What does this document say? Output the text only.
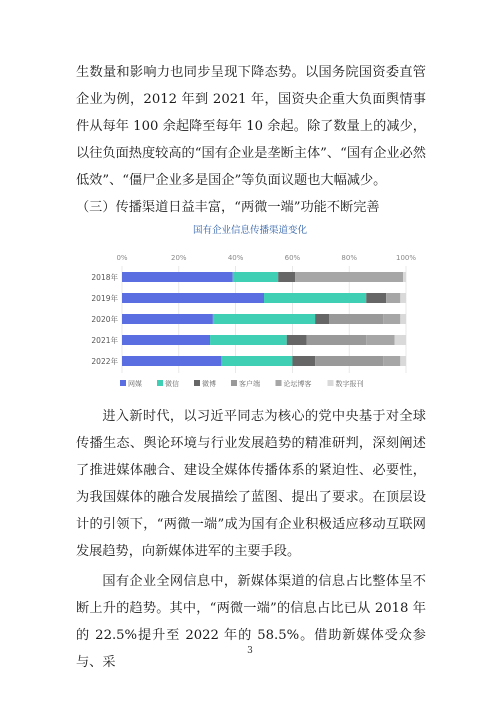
生数量和影响力也同步呈现下降态势。以国务院国资委直管企业为例，2012 年到 2021 年，国资央企重大负面舆情事件从每年 100 余起降至每年 10 余起。除了数量上的减少，以往负面热度较高的“国有企业是垄断主体”、“国有企业必然低效”、“僵尸企业多是国企”等负面议题也大幅减少。

（三）传播渠道日益丰富，“两微一端”功能不断完善

国有企业信息传播渠道变化
0%	20%	40%	60%	80%	100%
2018年
2019年
2020年
2021年
2022年
网媒	微信	微博	客户端	论坛博客	数字报刊

进入新时代，以习近平同志为核心的党中央基于对全球传播生态、舆论环境与行业发展趋势的精准研判，深刻阐述了推进媒体融合、建设全媒体传播体系的紧迫性、必要性，为我国媒体的融合发展描绘了蓝图、提出了要求。在顶层设计的引领下，“两微一端”成为国有企业积极适应移动互联网发展趋势，向新媒体进军的主要手段。

国有企业全网信息中，新媒体渠道的信息占比整体呈不断上升的趋势。其中，“两微一端”的信息占比已从 2018 年的 22.5%提升至 2022 年的 58.5%。借助新媒体受众参与、采

3
